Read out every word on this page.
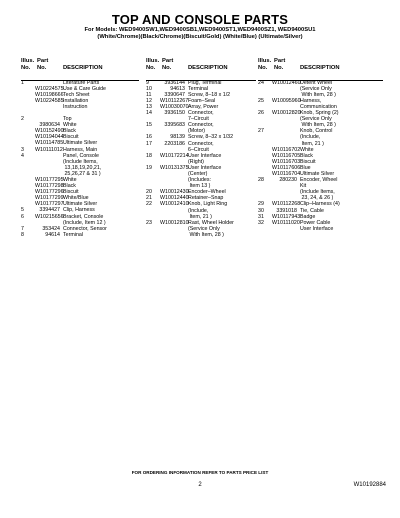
TOP AND CONSOLE PARTS
For Models: WED9400SW1,WED9400SB1,WED9400ST1,WED9400SZ1, WED9400SU1
(White/Chrome)(Black/Chrome)(Biscuit/Gold) (White/Blue) (Ultimate/Silver)
Illus.
No.
Part
No.
	DESCRIPTION
1	Literature Parts
W10224575 Use & Care Guide
W10198666 Tech Sheet
W10224585 Installation
Instruction
2	Top
3980634 White
W10152490 Black
W10194044 Biscuit
W10114785 Ultimate Silver
3	W10111012 Harness, Main
4	Panel, Console
(Include Items,
13,18,19,20,21,
25,26,27 & 31 )
W10177295 White
W10177298 Black
W10177296 Biscuit
W10177299 White/Blue
W10177297 Ultimate Silver
5	3394427 Clip, Harness
6	W10215656 Bracket, Console
(Include, Item 12 )
7	353424 Connector, Sensor
8	94614 Terminal
Illus.
No.
Part
No.
	DESCRIPTION
9	3936144 Plug, Terminal
10	94613 Terminal
11	3390647 Screw, 8–18 x 1/2
12	W10112267 Foam–Seal
13	W10030070 Array, Power
14	3936150 Connector,
7–Circuit
15	3395683 Connector,
(Motor)
16	98139 Screw, 8–32 x 1/32
17	2203186 Connector,
6–Circuit
18	W10172214 User Interface
(Right)
19	W10131375 User Interface
(Center)
(Includes:
Item 13 )
20	W10012430 Encoder–Wheel
21	W10012440 Retainer–Snap
22	W10012410 Knob, Light Ring
(Include,
Item, 21 )
23	W10012810 Rast, Wheel Holder
(Service Only
With Item, 28 )
Illus.
No.
Part
No.
	DESCRIPTION
24	W10012460 Detent Wheel
(Service Only
With Item, 28 )
25	W10095960 Harness,
Communication
26	W10012820 Knob, Spring (2)
(Service Only
With Item, 28 )
27	Knob, Control
(Include,
Item, 21 )
W10116702 White
W10116705 Black
W10116703 Biscuit
W10117606 Blue
W10116704 Ultimate Silver
28	280230 Encoder, Wheel
Kit
(Include Items,
23, 24, & 26 )
29	W10112268 Clip–Harness (4)
30	3391018 Tie, Cable
31	W10117943 Badge
32	W10111020 Power Cable
User Interface
FOR ORDERING INFORMATION REFER TO PARTS PRICE LIST
2	W10192884
